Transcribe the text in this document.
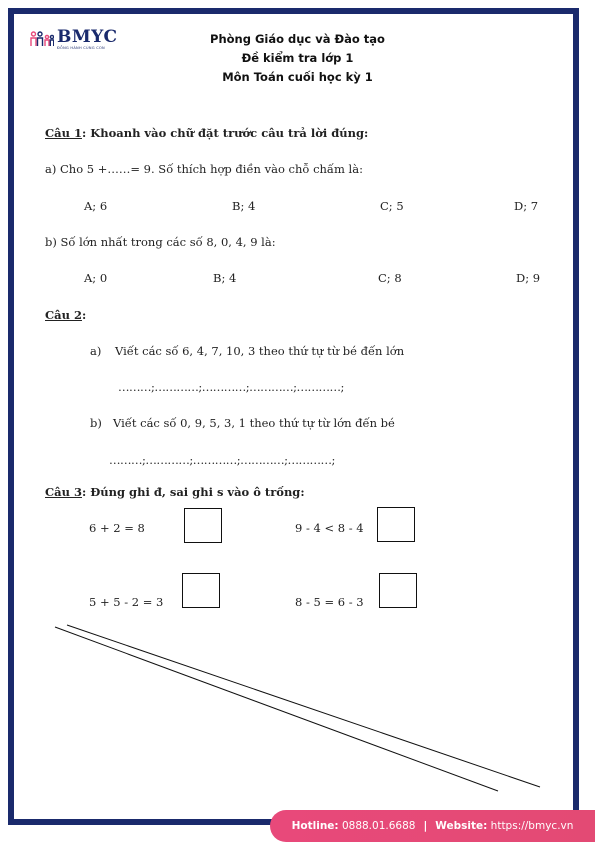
BMYC
ĐỒNG HÀNH CÙNG CON
Phòng Giáo dục và Đào tạo
Đề kiểm tra lớp 1
Môn Toán cuối học kỳ 1
Câu 1: Khoanh vào chữ đặt trước câu trả lời đúng:
a) Cho 5 +……= 9. Số thích hợp điền vào chỗ chấm là:
A; 6	B; 4	C; 5	D; 7
b) Số lớn nhất trong các số 8, 0, 4, 9 là:
A; 0	B; 4	C; 8	D; 9
Câu 2:
a) Viết các số 6, 4, 7, 10, 3 theo thứ tự từ bé đến lớn
………;…………;…………;…………;…………;
b) Viết các số 0, 9, 5, 3, 1 theo thứ tự từ lớn đến bé
………;…………;…………;…………;…………;
Câu 3: Đúng ghi đ, sai ghi s vào ô trống:
6 + 2 = 8	9 - 4 < 8 - 4
5 + 5 - 2 = 3	8 - 5 = 6 - 3
Hotline:
0888.01.6688 | Website:
https://bmyc.vn
